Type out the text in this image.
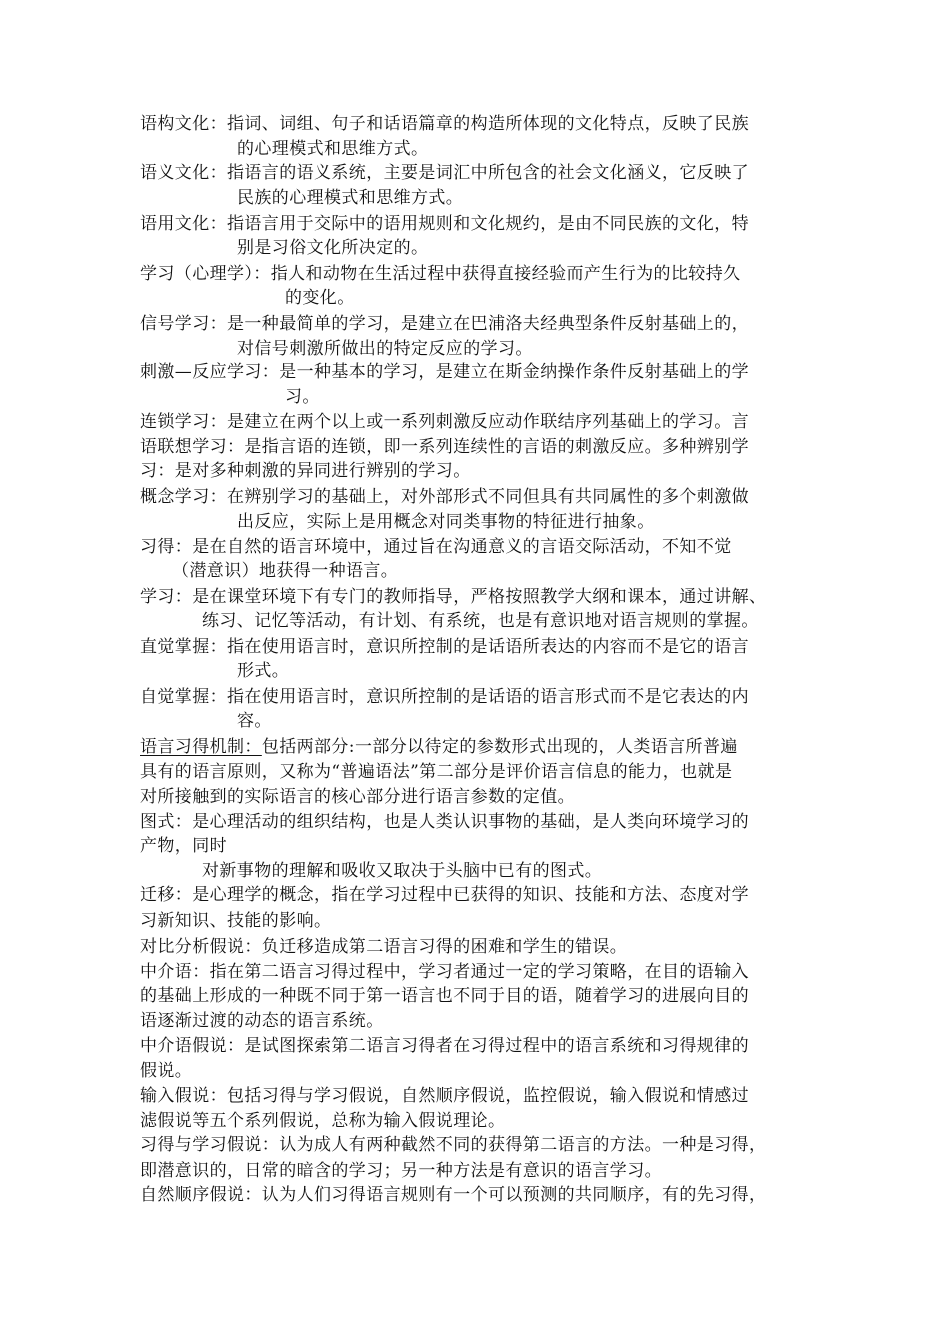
语构文化：指词、词组、句子和话语篇章的构造所体现的文化特点，反映了民族
的心理模式和思维方式。
语义文化：指语言的语义系统，主要是词汇中所包含的社会文化涵义，它反映了
民族的心理模式和思维方式。
语用文化：指语言用于交际中的语用规则和文化规约，是由不同民族的文化，特
别是习俗文化所决定的。
学习（心理学）：指人和动物在生活过程中获得直接经验而产生行为的比较持久
的变化。
信号学习：是一种最简单的学习，是建立在巴浦洛夫经典型条件反射基础上的，
对信号刺激所做出的特定反应的学习。
刺激—反应学习：是一种基本的学习，是建立在斯金纳操作条件反射基础上的学
习。
连锁学习：是建立在两个以上或一系列刺激反应动作联结序列基础上的学习。言
语联想学习：是指言语的连锁，即一系列连续性的言语的刺激反应。多种辨别学
习：是对多种刺激的异同进行辨别的学习。
概念学习：在辨别学习的基础上，对外部形式不同但具有共同属性的多个刺激做
出反应，实际上是用概念对同类事物的特征进行抽象。
习得：是在自然的语言环境中，通过旨在沟通意义的言语交际活动，不知不觉
（潜意识）地获得一种语言。
学习：是在课堂环境下有专门的教师指导，严格按照教学大纲和课本，通过讲解、
练习、记忆等活动，有计划、有系统，也是有意识地对语言规则的掌握。
直觉掌握：指在使用语言时，意识所控制的是话语所表达的内容而不是它的语言
形式。
自觉掌握：指在使用语言时，意识所控制的是话语的语言形式而不是它表达的内
容。
语言习得机制：包括两部分:一部分以待定的参数形式出现的，人类语言所普遍
具有的语言原则，又称为“普遍语法”第二部分是评价语言信息的能力，也就是
对所接触到的实际语言的核心部分进行语言参数的定值。
图式：是心理活动的组织结构，也是人类认识事物的基础，是人类向环境学习的
产物，同时
对新事物的理解和吸收又取决于头脑中已有的图式。
迁移：是心理学的概念，指在学习过程中已获得的知识、技能和方法、态度对学
习新知识、技能的影响。
对比分析假说：负迁移造成第二语言习得的困难和学生的错误。
中介语：指在第二语言习得过程中，学习者通过一定的学习策略，在目的语输入
的基础上形成的一种既不同于第一语言也不同于目的语，随着学习的进展向目的
语逐渐过渡的动态的语言系统。
中介语假说：是试图探索第二语言习得者在习得过程中的语言系统和习得规律的
假说。
输入假说：包括习得与学习假说，自然顺序假说，监控假说，输入假说和情感过
滤假说等五个系列假说，总称为输入假说理论。
习得与学习假说：认为成人有两种截然不同的获得第二语言的方法。一种是习得，
即潜意识的，日常的暗含的学习；另一种方法是有意识的语言学习。
自然顺序假说：认为人们习得语言规则有一个可以预测的共同顺序，有的先习得，
